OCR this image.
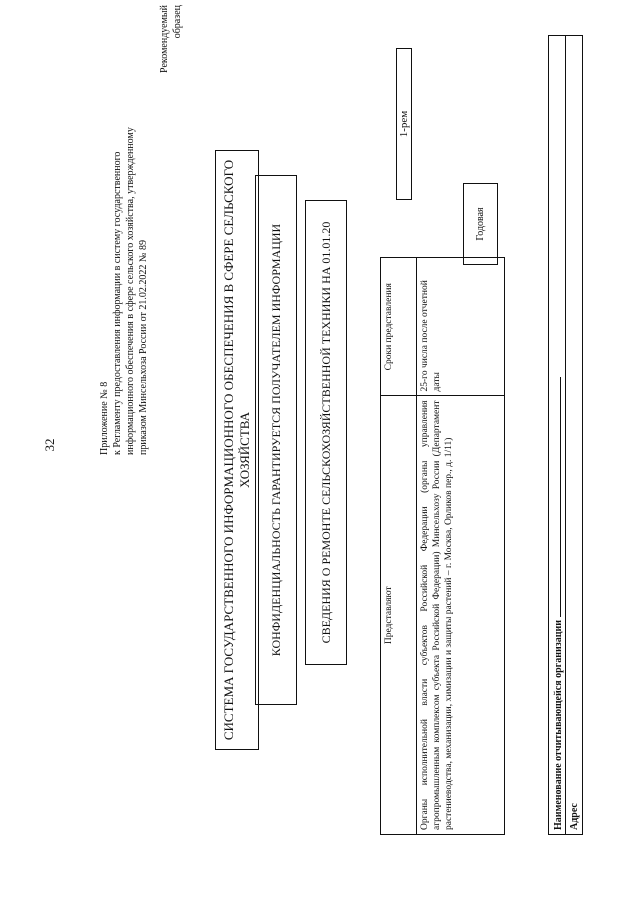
32	Приложение № 8 к Регламенту предоставления информации в систему государственного информационного обеспечения в сфере сельского хозяйства, утвержденному приказом Минсельхоза России от 21.02.2022 № 89
Рекомендуемый образец
СИСТЕМА ГОСУДАРСТВЕННОГО ИНФОРМАЦИОННОГО ОБЕСПЕЧЕНИЯ В СФЕРЕ СЕЛЬСКОГО ХОЗЯЙСТВА КОНФИДЕНЦИАЛЬНОСТЬ ГАРАНТИРУЕТСЯ ПОЛУЧАТЕЛЕМ ИНФОРМАЦИИ	СВЕДЕНИЯ О РЕМОНТЕ СЕЛЬСКОХОЗЯЙСТВЕННОЙ ТЕХНИКИ НА 01.01.20	Представляют	Сроки представления
Органы исполнительной власти субъектов Российской Федерации (органы управления агропромышленным комплексом субъекта Российской Федерации) Минсельхозу России (Департамент растениеводства, механизации, химизации и защиты растений – г. Москва, Орликов пер., д. 1/11)	25-го числа после отчетной даты
1-рем
Годовая
Наименование отчитывающейся организации
Адрес
